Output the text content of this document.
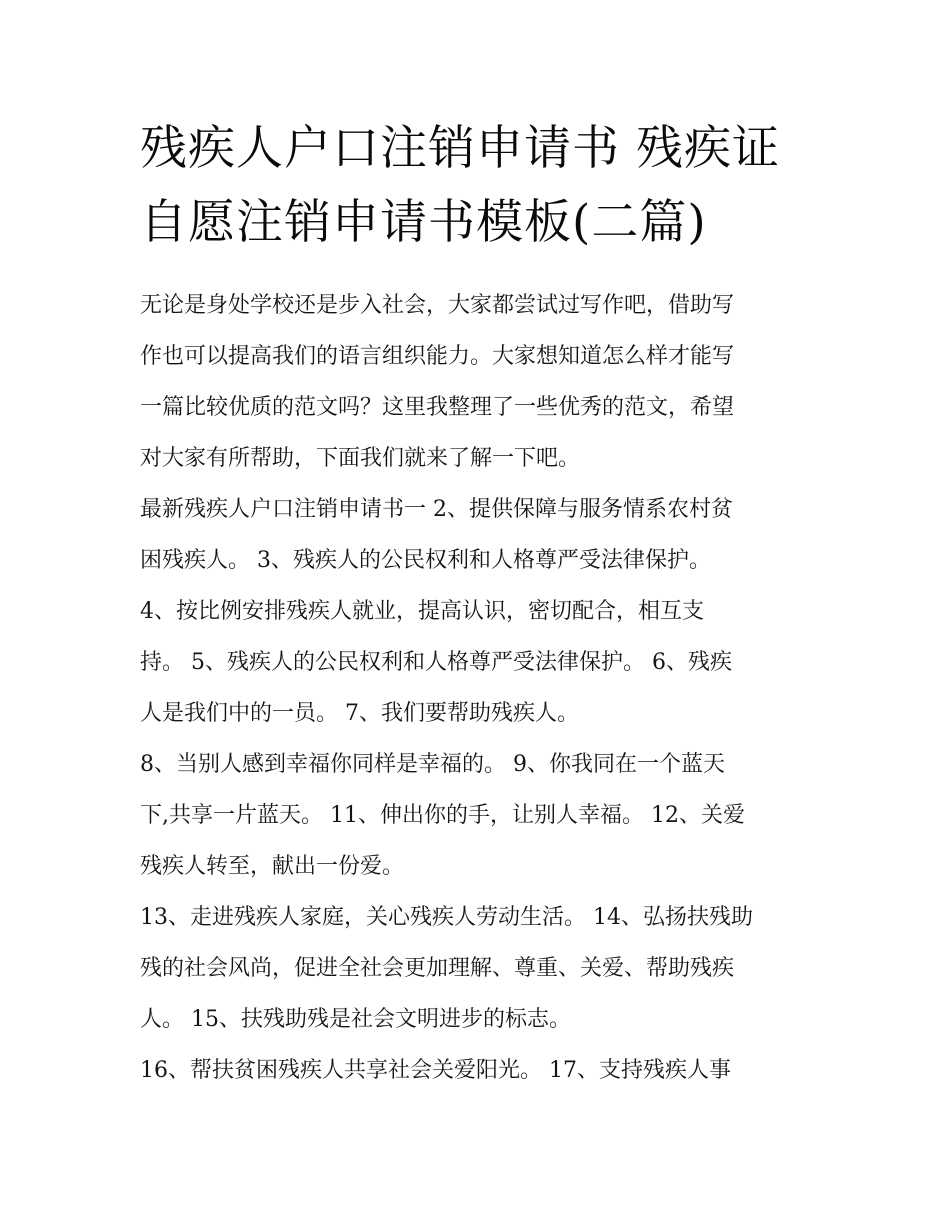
残疾人户口注销申请书 残疾证
自愿注销申请书模板(二篇)

无论是身处学校还是步入社会，大家都尝试过写作吧，借助写
作也可以提高我们的语言组织能力。大家想知道怎么样才能写
一篇比较优质的范文吗？这里我整理了一些优秀的范文，希望
对大家有所帮助，下面我们就来了解一下吧。

最新残疾人户口注销申请书一 2、提供保障与服务情系农村贫
困残疾人。 3、残疾人的公民权利和人格尊严受法律保护。

4、按比例安排残疾人就业，提高认识，密切配合，相互支
持。 5、残疾人的公民权利和人格尊严受法律保护。 6、残疾
人是我们中的一员。 7、我们要帮助残疾人。

8、当别人感到幸福你同样是幸福的。 9、你我同在一个蓝天
下,共享一片蓝天。 11、伸出你的手，让别人幸福。 12、关爱
残疾人转至，献出一份爱。

13、走进残疾人家庭，关心残疾人劳动生活。 14、弘扬扶残助
残的社会风尚，促进全社会更加理解、尊重、关爱、帮助残疾
人。 15、扶残助残是社会文明进步的标志。

16、帮扶贫困残疾人共享社会关爱阳光。 17、支持残疾人事
